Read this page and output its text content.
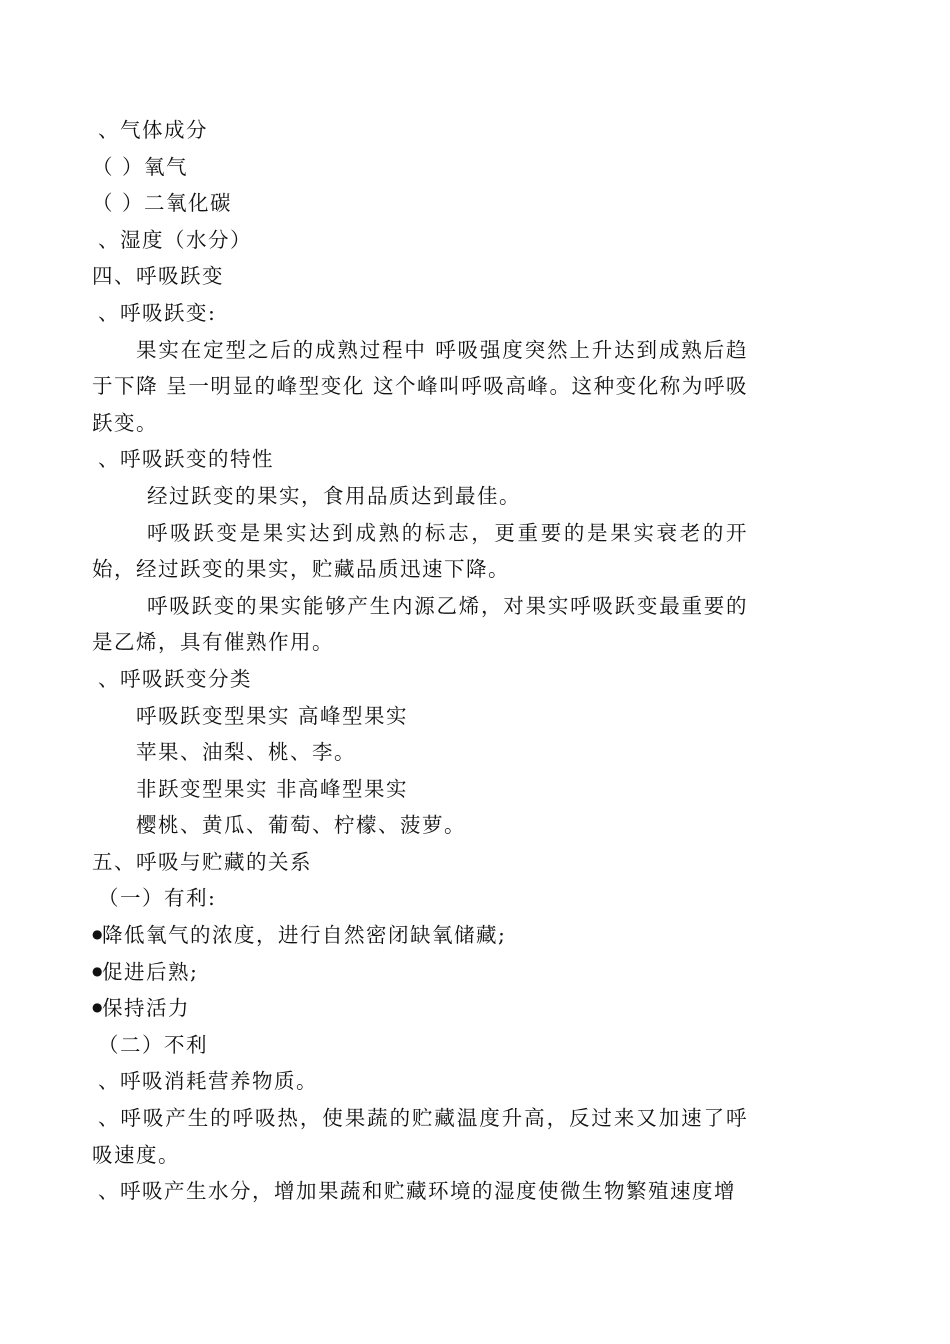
、气体成分
（ ）氧气
（ ）二氧化碳
、湿度（水分）
四、呼吸跃变
、呼吸跃变:
果实在定型之后的成熟过程中 呼吸强度突然上升达到成熟后趋于下降 呈一明显的峰型变化 这个峰叫呼吸高峰。这种变化称为呼吸跃变。
、呼吸跃变的特性
经过跃变的果实，食用品质达到最佳。
呼吸跃变是果实达到成熟的标志，更重要的是果实衰老的开始，经过跃变的果实，贮藏品质迅速下降。
呼吸跃变的果实能够产生内源乙烯，对果实呼吸跃变最重要的是乙烯，具有催熟作用。
、呼吸跃变分类
呼吸跃变型果实 高峰型果实
苹果、油梨、桃、李。
非跃变型果实 非高峰型果实
樱桃、黄瓜、葡萄、柠檬、菠萝。
五、呼吸与贮藏的关系
（一）有利:
●降低氧气的浓度，进行自然密闭缺氧储藏;
●促进后熟;
●保持活力
（二）不利
、呼吸消耗营养物质。
、呼吸产生的呼吸热，使果蔬的贮藏温度升高，反过来又加速了呼吸速度。
、呼吸产生水分，增加果蔬和贮藏环境的湿度使微生物繁殖速度增
